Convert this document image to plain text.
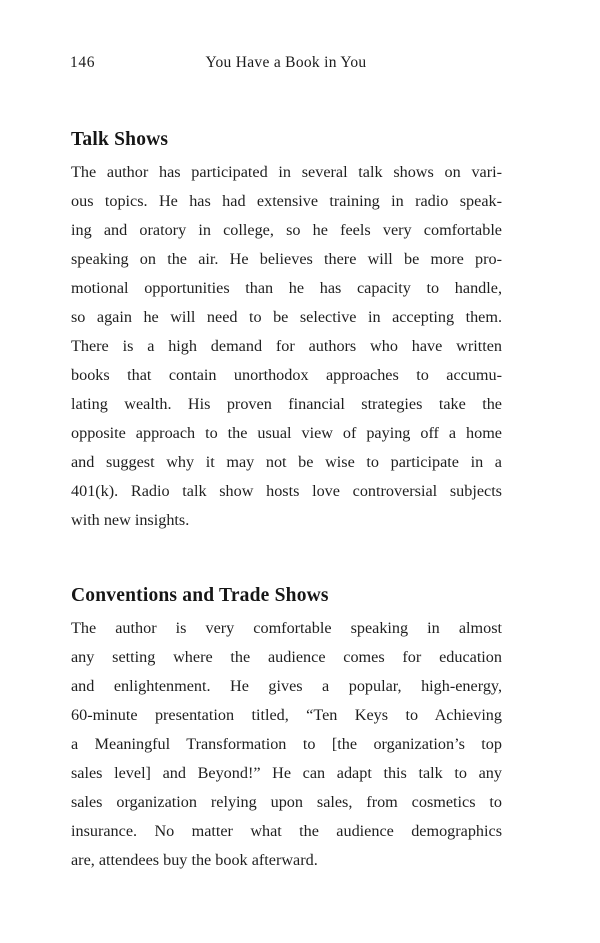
146	You Have a Book in You
Talk Shows
The author has participated in several talk shows on vari-
ous topics. He has had extensive training in radio speak-
ing and oratory in college, so he feels very comfortable
speaking on the air. He believes there will be more pro-
motional opportunities than he has capacity to handle,
so again he will need to be selective in accepting them.
There is a high demand for authors who have written
books that contain unorthodox approaches to accumu-
lating wealth. His proven financial strategies take the
opposite approach to the usual view of paying off a home
and suggest why it may not be wise to participate in a
401(k). Radio talk show hosts love controversial subjects
with new insights.
Conventions and Trade Shows
The author is very comfortable speaking in almost
any setting where the audience comes for education
and enlightenment. He gives a popular, high-energy,
60-minute presentation titled, “Ten Keys to Achieving
a Meaningful Transformation to [the organization’s top
sales level] and Beyond!” He can adapt this talk to any
sales organization relying upon sales, from cosmetics to
insurance. No matter what the audience demographics
are, attendees buy the book afterward.
